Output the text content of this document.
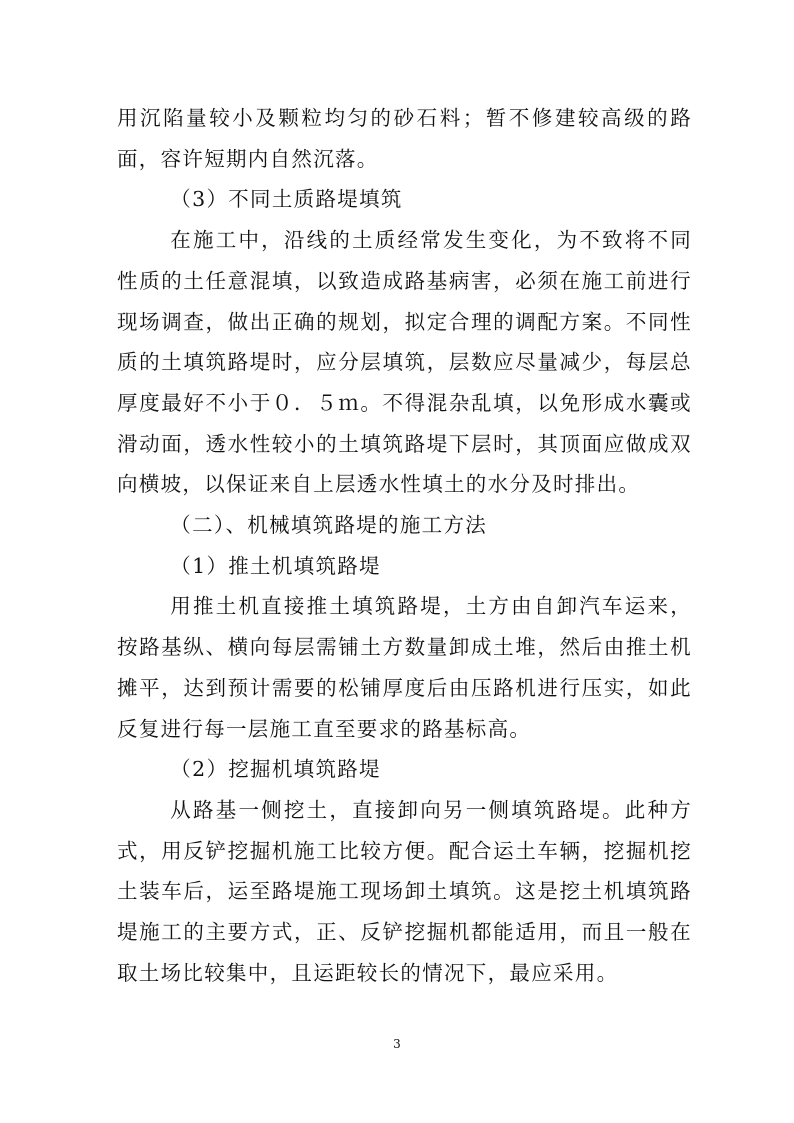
用沉陷量较小及颗粒均匀的砂石料；暂不修建较高级的路面，容许短期内自然沉落。

（3）不同土质路堤填筑

在施工中，沿线的土质经常发生变化，为不致将不同性质的土任意混填，以致造成路基病害，必须在施工前进行现场调查，做出正确的规划，拟定合理的调配方案。不同性质的土填筑路堤时，应分层填筑，层数应尽量减少，每层总厚度最好不小于０．５ｍ。不得混杂乱填，以免形成水囊或滑动面，透水性较小的土填筑路堤下层时，其顶面应做成双向横坡，以保证来自上层透水性填土的水分及时排出。

（二）、机械填筑路堤的施工方法

（1）推土机填筑路堤

用推土机直接推土填筑路堤，土方由自卸汽车运来，按路基纵、横向每层需铺土方数量卸成土堆，然后由推土机摊平，达到预计需要的松铺厚度后由压路机进行压实，如此反复进行每一层施工直至要求的路基标高。

（2）挖掘机填筑路堤

从路基一侧挖土，直接卸向另一侧填筑路堤。此种方式，用反铲挖掘机施工比较方便。配合运土车辆，挖掘机挖土装车后，运至路堤施工现场卸土填筑。这是挖土机填筑路堤施工的主要方式，正、反铲挖掘机都能适用，而且一般在取土场比较集中，且运距较长的情况下，最应采用。

3
